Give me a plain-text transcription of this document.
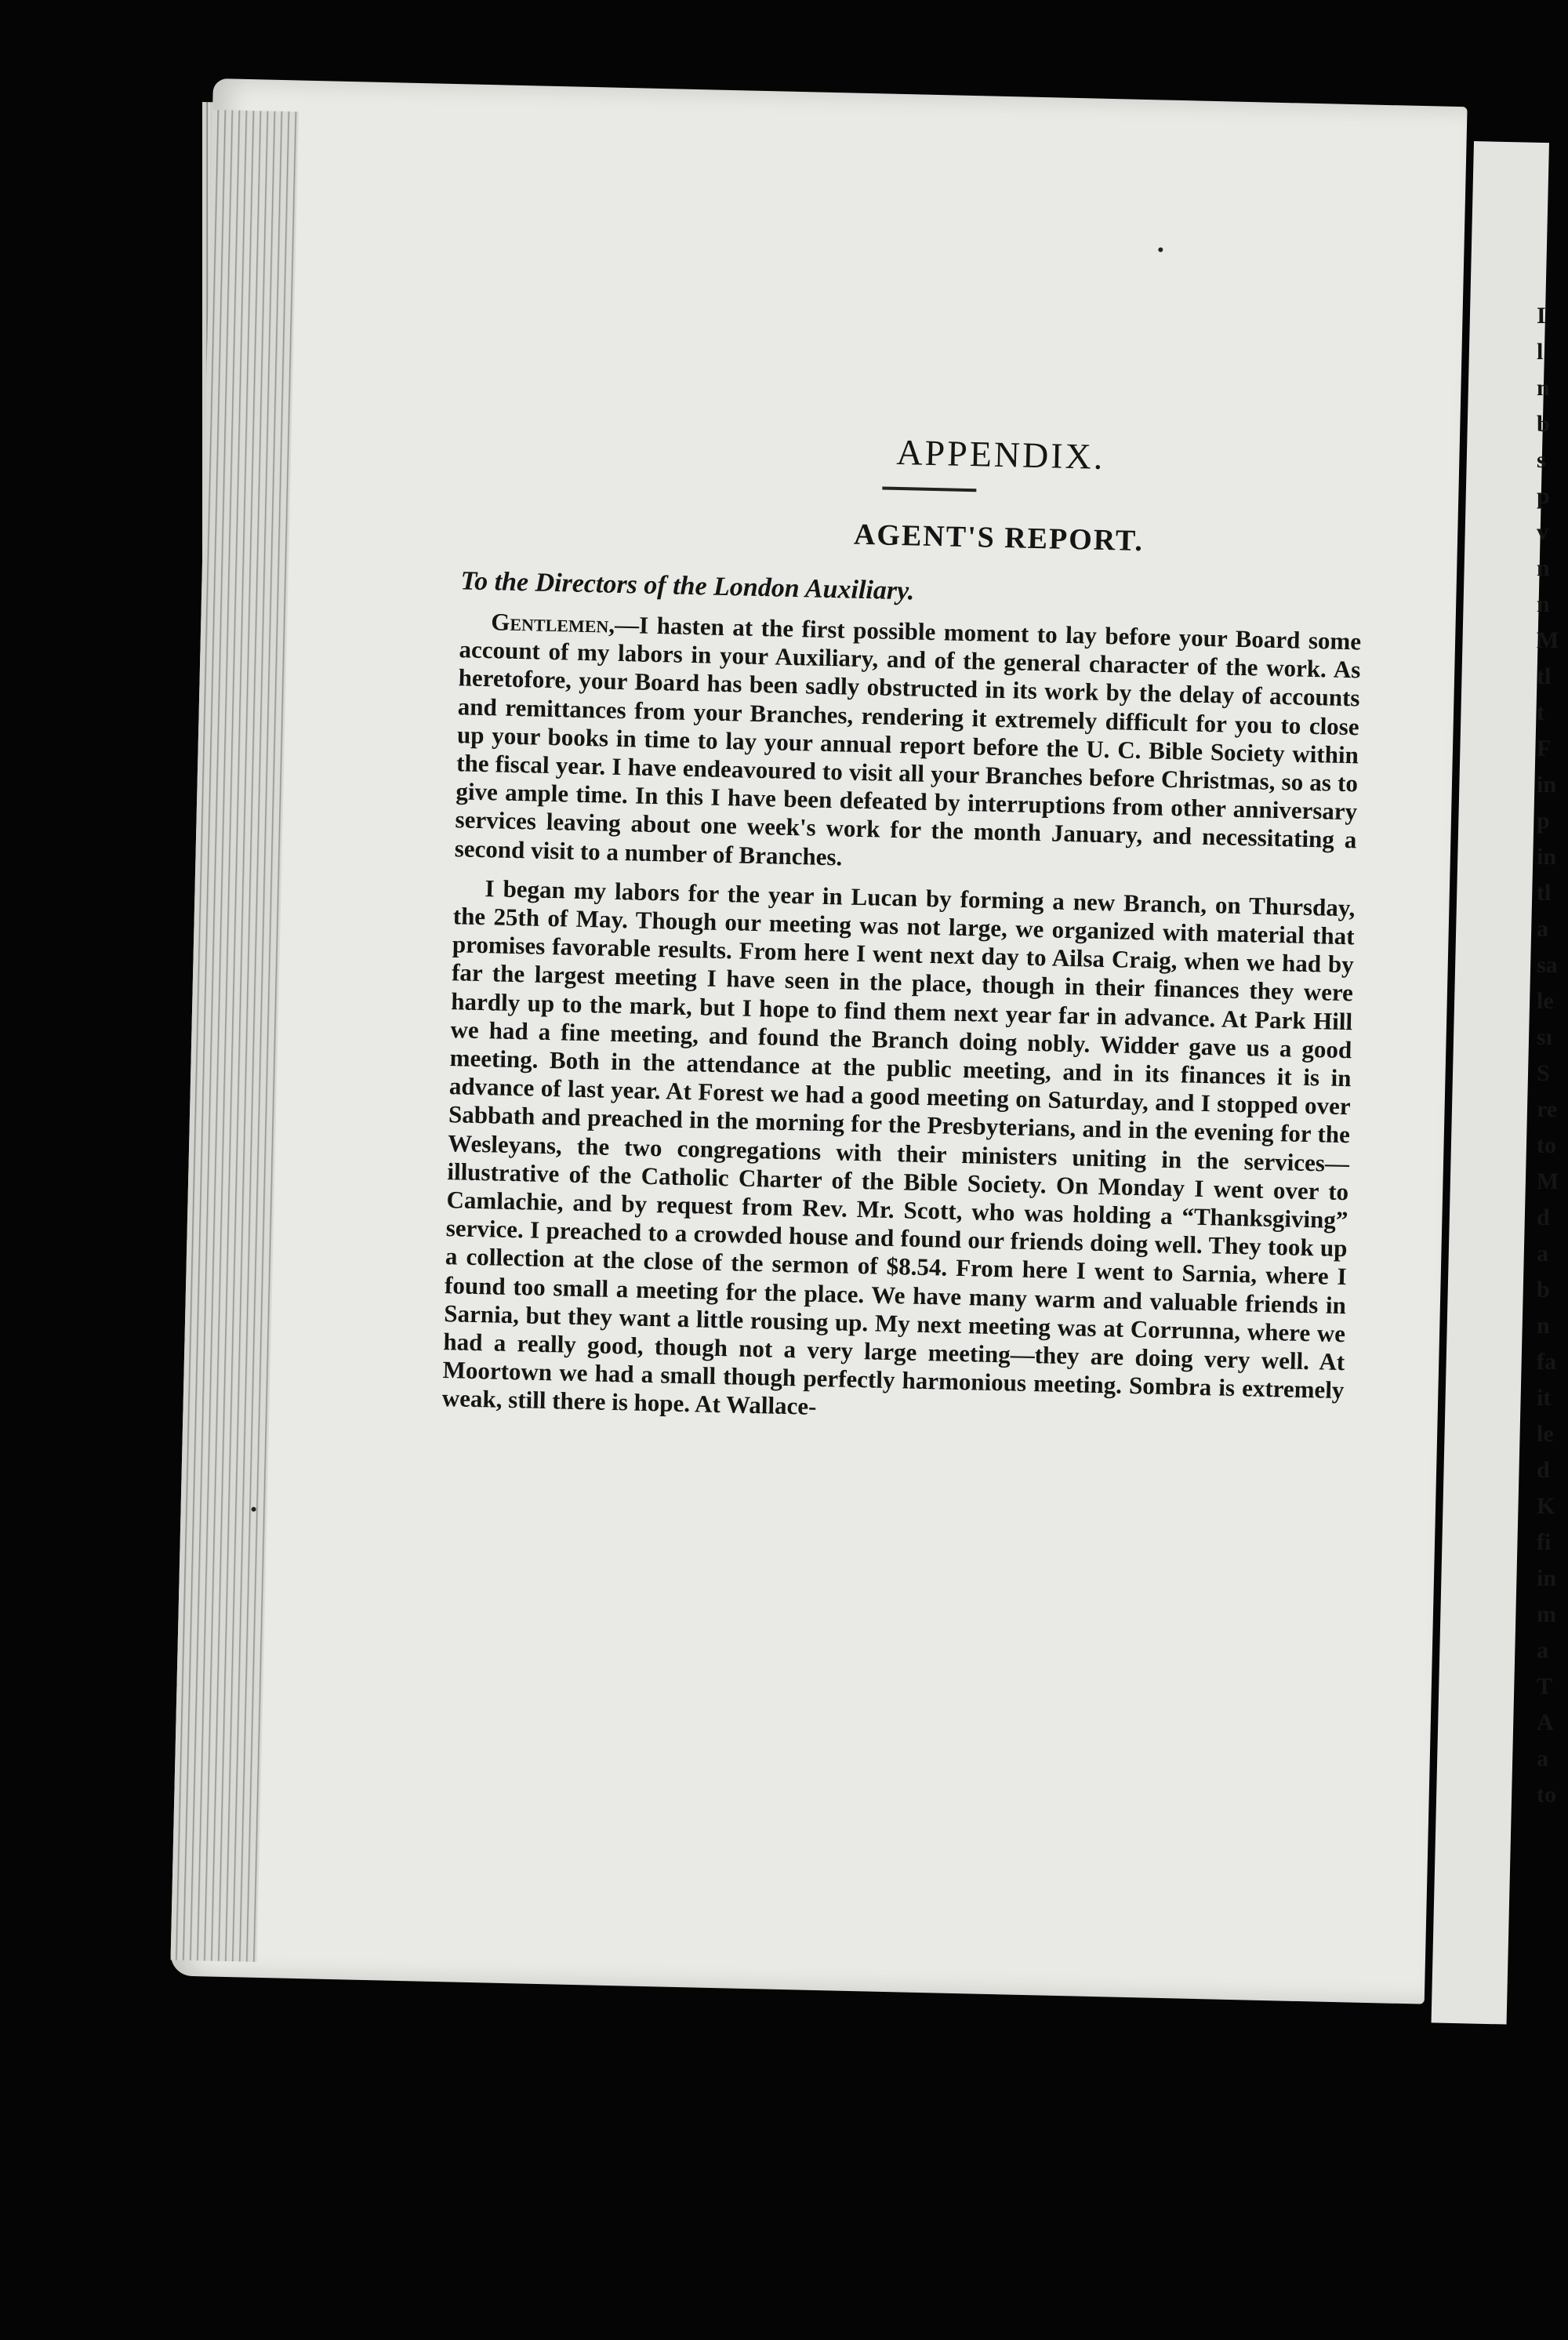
APPENDIX.
AGENT'S REPORT.

To the Directors of the London Auxiliary.

Gentlemen,—I hasten at the first possible moment to lay before your Board some account of my labors in your Auxiliary, and of the general character of the work. As heretofore, your Board has been sadly obstructed in its work by the delay of accounts and remittances from your Branches, rendering it extremely difficult for you to close up your books in time to lay your annual report before the U. C. Bible Society within the fiscal year. I have endeavoured to visit all your Branches before Christmas, so as to give ample time. In this I have been defeated by interruptions from other anniversary services leaving about one week's work for the month January, and necessitating a second visit to a number of Branches.

I began my labors for the year in Lucan by forming a new Branch, on Thursday, the 25th of May. Though our meeting was not large, we organized with material that promises favorable results. From here I went next day to Ailsa Craig, when we had by far the largest meeting I have seen in the place, though in their finances they were hardly up to the mark, but I hope to find them next year far in advance. At Park Hill we had a fine meeting, and found the Branch doing nobly. Widder gave us a good meeting. Both in the attendance at the public meeting, and in its finances it is in advance of last year. At Forest we had a good meeting on Saturday, and I stopped over Sabbath and preached in the morning for the Presbyterians, and in the evening for the Wesleyans, the two congregations with their ministers uniting in the services—illustrative of the Catholic Charter of the Bible Society. On Monday I went over to Camlachie, and by request from Rev. Mr. Scott, who was holding a “Thanksgiving” service. I preached to a crowded house and found our friends doing well. They took up a collection at the close of the sermon of $8.54. From here I went to Sarnia, where I found too small a meeting for the place. We have many warm and valuable friends in Sarnia, but they want a little rousing up. My next meeting was at Corrunna, where we had a really good, though not a very large meeting—they are doing very well. At Moortown we had a small though perfectly harmonious meeting. Sombra is extremely weak, still there is hope. At Wallace-

I
l
n
b
s
p
v
n
n
M
tl
t
F
in
p
in
tl
a
sa
le
sı
S
re
to
M
d
a
b
n
fa
it
le
d
K
fi
in
m
a
T
A
a
to
